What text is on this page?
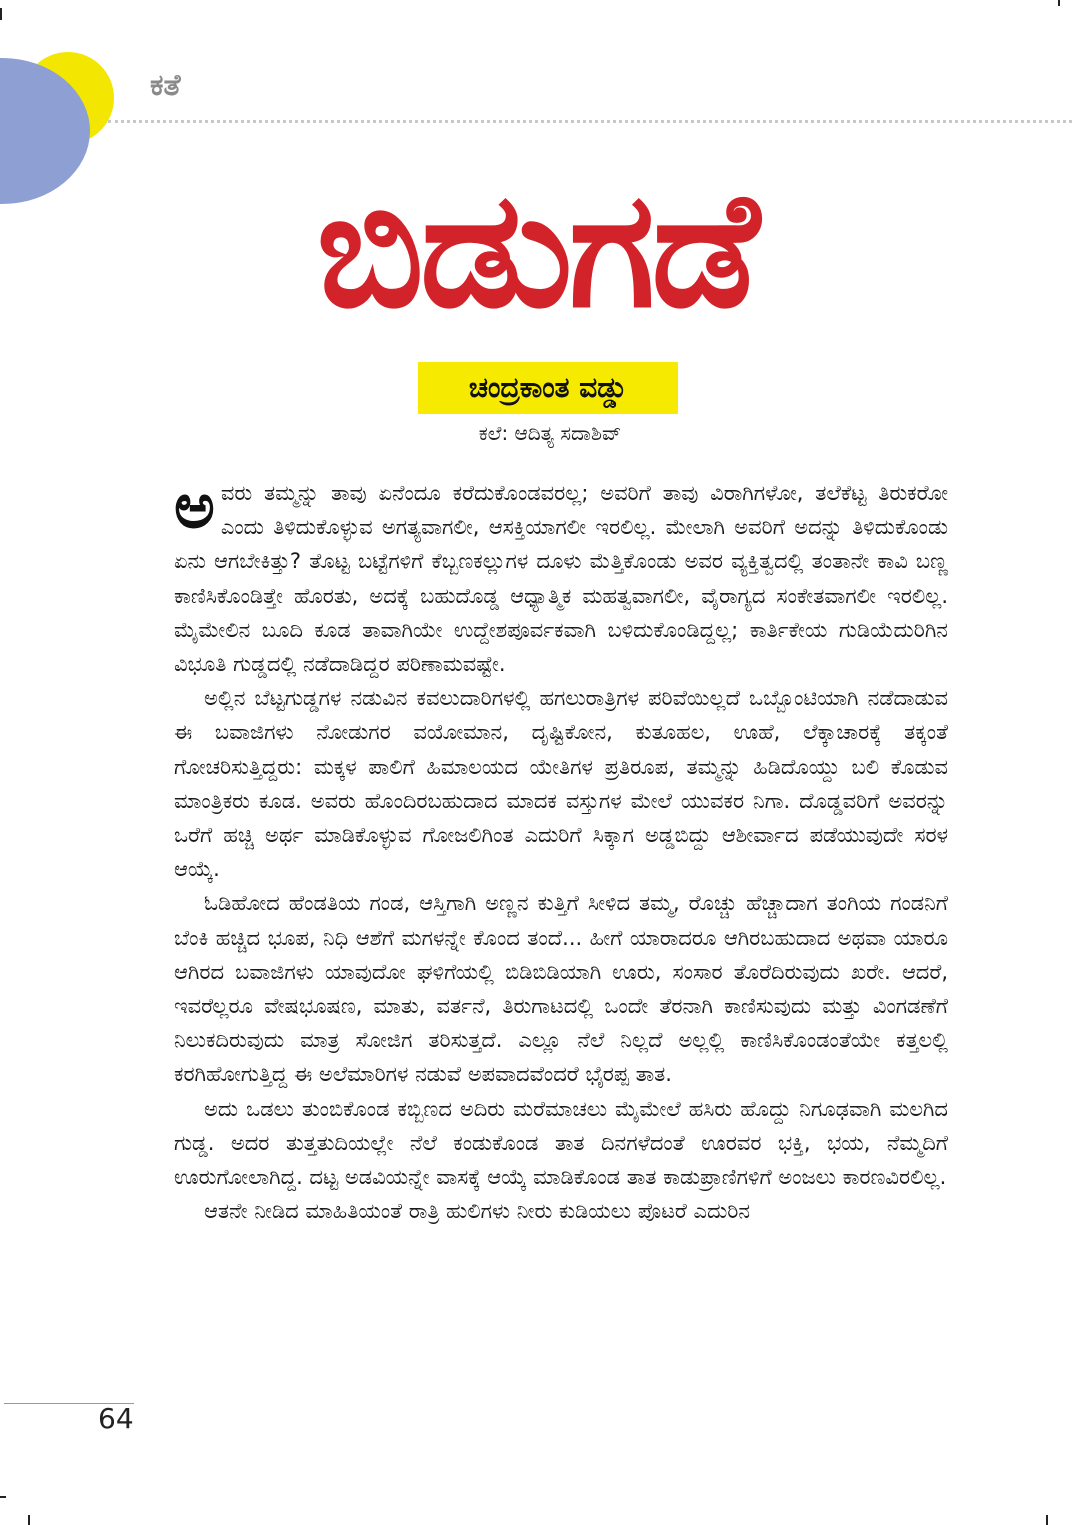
ಕತೆ
ಬಿಡುಗಡೆ
ಚಂದ್ರಕಾಂತ ವಡ್ಡು
ಕಲೆ: ಆದಿತ್ಯ ಸದಾಶಿವ್

ಅವರು ತಮ್ಮನ್ನು ತಾವು ಏನೆಂದೂ ಕರೆದುಕೊಂಡವರಲ್ಲ; ಅವರಿಗೆ ತಾವು ವಿರಾಗಿಗಳೋ, ತಲೆಕೆಟ್ಟ ತಿರುಕರೋ ಎಂದು ತಿಳಿದುಕೊಳ್ಳುವ ಅಗತ್ಯವಾಗಲೀ, ಆಸಕ್ತಿಯಾಗಲೀ ಇರಲಿಲ್ಲ. ಮೇಲಾಗಿ ಅವರಿಗೆ ಅದನ್ನು ತಿಳಿದುಕೊಂಡು ಏನು ಆಗಬೇಕಿತ್ತು? ತೊಟ್ಟ ಬಟ್ಟೆಗಳಿಗೆ ಕೆಬ್ಬಣಕಲ್ಲುಗಳ ದೂಳು ಮೆತ್ತಿಕೊಂಡು ಅವರ ವ್ಯಕ್ತಿತ್ವದಲ್ಲಿ ತಂತಾನೇ ಕಾವಿ ಬಣ್ಣ ಕಾಣಿಸಿಕೊಂಡಿತ್ತೇ ಹೊರತು, ಅದಕ್ಕೆ ಬಹುದೊಡ್ಡ ಆಧ್ಯಾತ್ಮಿಕ ಮಹತ್ವವಾಗಲೀ, ವೈರಾಗ್ಯದ ಸಂಕೇತವಾಗಲೀ ಇರಲಿಲ್ಲ. ಮೈಮೇಲಿನ ಬೂದಿ ಕೂಡ ತಾವಾಗಿಯೇ ಉದ್ದೇಶಪೂರ್ವಕವಾಗಿ ಬಳಿದುಕೊಂಡಿದ್ದಲ್ಲ; ಕಾರ್ತಿಕೇಯ ಗುಡಿಯೆದುರಿಗಿನ ವಿಭೂತಿ ಗುಡ್ಡದಲ್ಲಿ ನಡೆದಾಡಿದ್ದರ ಪರಿಣಾಮವಷ್ಟೇ.

ಅಲ್ಲಿನ ಬೆಟ್ಟಗುಡ್ಡಗಳ ನಡುವಿನ ಕವಲುದಾರಿಗಳಲ್ಲಿ ಹಗಲುರಾತ್ರಿಗಳ ಪರಿವೆಯಿಲ್ಲದೆ ಒಬ್ಬೊಂಟಿಯಾಗಿ ನಡೆದಾಡುವ ಈ ಬವಾಜಿಗಳು ನೋಡುಗರ ವಯೋಮಾನ, ದೃಷ್ಟಿಕೋನ, ಕುತೂಹಲ, ಊಹೆ, ಲೆಕ್ಕಾಚಾರಕ್ಕೆ ತಕ್ಕಂತೆ ಗೋಚರಿಸುತ್ತಿದ್ದರು: ಮಕ್ಕಳ ಪಾಲಿಗೆ ಹಿಮಾಲಯದ ಯೇತಿಗಳ ಪ್ರತಿರೂಪ, ತಮ್ಮನ್ನು ಹಿಡಿದೊಯ್ದು ಬಲಿ ಕೊಡುವ ಮಾಂತ್ರಿಕರು ಕೂಡ. ಅವರು ಹೊಂದಿರಬಹುದಾದ ಮಾದಕ ವಸ್ತುಗಳ ಮೇಲೆ ಯುವಕರ ನಿಗಾ. ದೊಡ್ಡವರಿಗೆ ಅವರನ್ನು ಒರೆಗೆ ಹಚ್ಚಿ ಅರ್ಥ ಮಾಡಿಕೊಳ್ಳುವ ಗೋಜಲಿಗಿಂತ ಎದುರಿಗೆ ಸಿಕ್ಕಾಗ ಅಡ್ಡಬಿದ್ದು ಆಶೀರ್ವಾದ ಪಡೆಯುವುದೇ ಸರಳ ಆಯ್ಕೆ.

ಓಡಿಹೋದ ಹೆಂಡತಿಯ ಗಂಡ, ಆಸ್ತಿಗಾಗಿ ಅಣ್ಣನ ಕುತ್ತಿಗೆ ಸೀಳಿದ ತಮ್ಮ, ರೊಚ್ಚು ಹೆಚ್ಚಾದಾಗ ತಂಗಿಯ ಗಂಡನಿಗೆ ಬೆಂಕಿ ಹಚ್ಚಿದ ಭೂಪ, ನಿಧಿ ಆಶೆಗೆ ಮಗಳನ್ನೇ ಕೊಂದ ತಂದೆ... ಹೀಗೆ ಯಾರಾದರೂ ಆಗಿರಬಹುದಾದ ಅಥವಾ ಯಾರೂ ಆಗಿರದ ಬವಾಜಿಗಳು ಯಾವುದೋ ಘಳಿಗೆಯಲ್ಲಿ ಬಿಡಿಬಿಡಿಯಾಗಿ ಊರು, ಸಂಸಾರ ತೊರೆದಿರುವುದು ಖರೇ. ಆದರೆ, ಇವರೆಲ್ಲರೂ ವೇಷಭೂಷಣ, ಮಾತು, ವರ್ತನೆ, ತಿರುಗಾಟದಲ್ಲಿ ಒಂದೇ ತೆರನಾಗಿ ಕಾಣಿಸುವುದು ಮತ್ತು ವಿಂಗಡಣೆಗೆ ನಿಲುಕದಿರುವುದು ಮಾತ್ರ ಸೋಜಿಗ ತರಿಸುತ್ತದೆ. ಎಲ್ಲೂ ನೆಲೆ ನಿಲ್ಲದೆ ಅಲ್ಲಲ್ಲಿ ಕಾಣಿಸಿಕೊಂಡಂತೆಯೇ ಕತ್ತಲಲ್ಲಿ ಕರಗಿಹೋಗುತ್ತಿದ್ದ ಈ ಅಲೆಮಾರಿಗಳ ನಡುವೆ ಅಪವಾದವೆಂದರೆ ಭೈರಪ್ಪ ತಾತ.

ಅದು ಒಡಲು ತುಂಬಿಕೊಂಡ ಕಬ್ಬಿಣದ ಅದಿರು ಮರೆಮಾಚಲು ಮೈಮೇಲೆ ಹಸಿರು ಹೊದ್ದು ನಿಗೂಢವಾಗಿ ಮಲಗಿದ ಗುಡ್ಡ. ಅದರ ತುತ್ತತುದಿಯಲ್ಲೇ ನೆಲೆ ಕಂಡುಕೊಂಡ ತಾತ ದಿನಗಳೆದಂತೆ ಊರವರ ಭಕ್ತಿ, ಭಯ, ನೆಮ್ಮದಿಗೆ ಊರುಗೋಲಾಗಿದ್ದ. ದಟ್ಟ ಅಡವಿಯನ್ನೇ ವಾಸಕ್ಕೆ ಆಯ್ಕೆ ಮಾಡಿಕೊಂಡ ತಾತ ಕಾಡುಪ್ರಾಣಿಗಳಿಗೆ ಅಂಜಲು ಕಾರಣವಿರಲಿಲ್ಲ.

ಆತನೇ ನೀಡಿದ ಮಾಹಿತಿಯಂತೆ ರಾತ್ರಿ ಹುಲಿಗಳು ನೀರು ಕುಡಿಯಲು ಪೊಟರೆ ಎದುರಿನ

64
